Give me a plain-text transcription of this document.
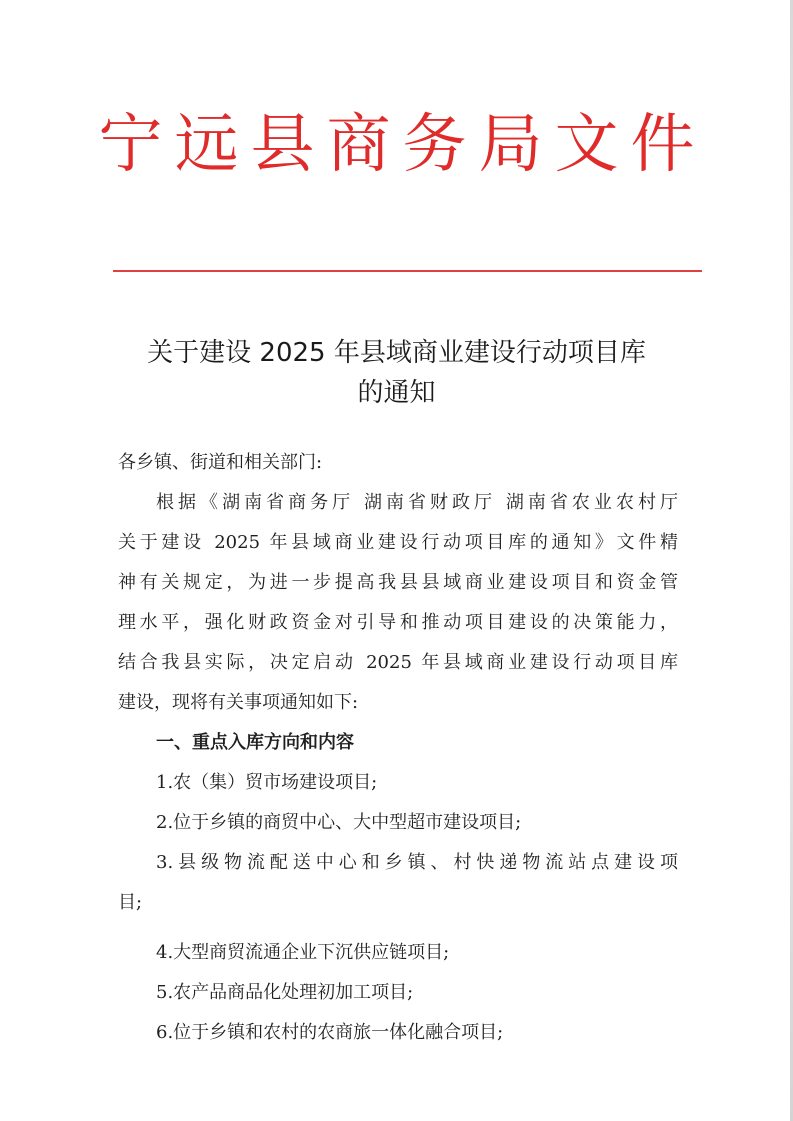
宁远县商务局文件
关于建设 2025 年县域商业建设行动项目库
的通知
各乡镇、街道和相关部门:
根据《湖南省商务厅 湖南省财政厅 湖南省农业农村厅
关于建设 2025 年县域商业建设行动项目库的通知》文件精
神有关规定，为进一步提高我县县域商业建设项目和资金管
理水平，强化财政资金对引导和推动项目建设的决策能力，
结合我县实际，决定启动 2025 年县域商业建设行动项目库
建设，现将有关事项通知如下:
一、重点入库方向和内容
1.农（集）贸市场建设项目;
2.位于乡镇的商贸中心、大中型超市建设项目;
3.县级物流配送中心和乡镇、村快递物流站点建设项
目;
4.大型商贸流通企业下沉供应链项目;
5.农产品商品化处理初加工项目;
6.位于乡镇和农村的农商旅一体化融合项目;
